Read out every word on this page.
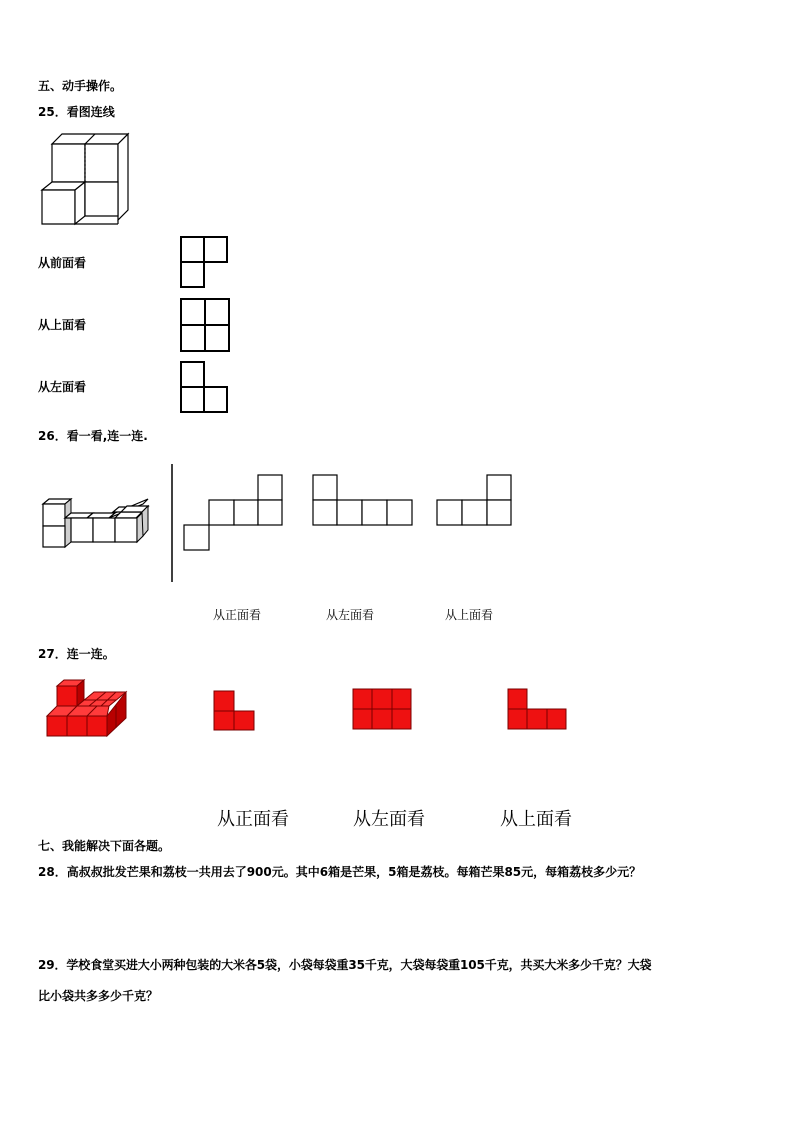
五、动手操作。
25．看图连线
从前面看
从上面看
从左面看
26．看一看,连一连.
从正面看	从左面看	从上面看
27．连一连。
从正面看	从左面看	从上面看
七、我能解决下面各题。
28．高叔叔批发芒果和荔枝一共用去了900元。其中6箱是芒果，5箱是荔枝。每箱芒果85元，每箱荔枝多少元？
29．学校食堂买进大小两种包装的大米各5袋，小袋每袋重35千克，大袋每袋重105千克，共买大米多少千克？大袋
比小袋共多多少千克？
